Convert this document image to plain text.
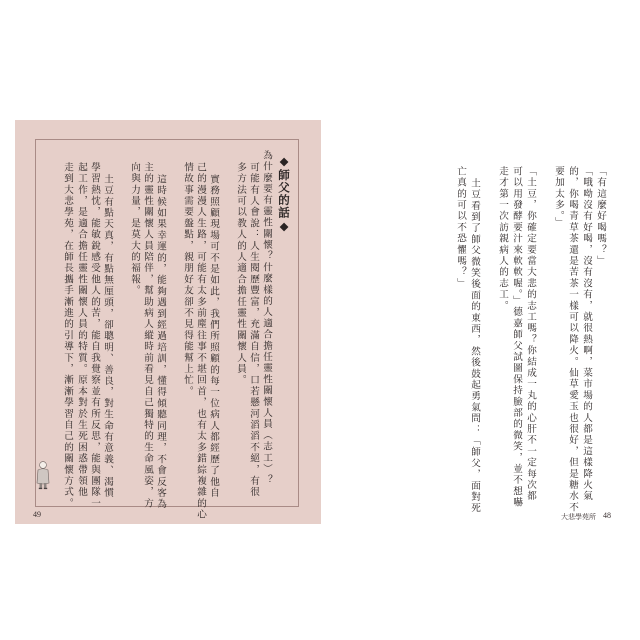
◆師父的話◆
為什麼要有靈性關懷？什麼樣的人適合擔任靈性關懷人員（志工）？
可能有人會說：人生閱歷豐富，充滿自信，口若懸河滔滔不絕，有很
多方法可以教人的人適合擔任靈性關懷人員。
實務照顧現場可不是如此，我們所照顧的每一位病人都經歷了他自
己的漫漫人生路，可能有太多前塵往事不堪回首，也有太多錯綜複雜的心
情故事需要盤點，親朋好友卻不見得能幫上忙。
這時候如果幸運的，能夠遇到經過培訓，懂得傾聽同理，不會反客為
主的靈性關懷人員陪伴，幫助病人縱時前看見自己獨特的生命風姿，方
向與力量，是莫大的福報。
土豆有點天真，有點無厘頭，卻聰明、善良，對生命有意義、渴慣
學習熱忱，能敏銳感受他人的苦，能自我覺察並有所反思，能與團隊一
起工作，是適合擔任靈性關懷人員的特質。原本對於生死困惑帶領他
走到大悲學苑，在師長攜手漸進的引導下，漸漸學習自己的關懷方式。
49
「有這麼好喝嗎？」
「哦呦沒有好喝，沒有沒有，就很熱啊，菜市場的人都是這樣降火氣
的，你喝青草茶還是苦茶一樣可以降火。仙草愛玉也很好，但是糖水不
要加太多。」
「土豆，你確定要當大悲的志工嗎？你結成一丸的心肝不一定每次都
可以用發酵要汁來軟軟喔。」德嘉師父試圖保持臉部的微笑，並不想嚇
走才第一次訪親病人的志工。
土豆看到了師父微笑後面的東西，然後鼓起勇氣問：「師父，面對死
亡真的可以不恐懼嗎？」
大悲學苑所 48
